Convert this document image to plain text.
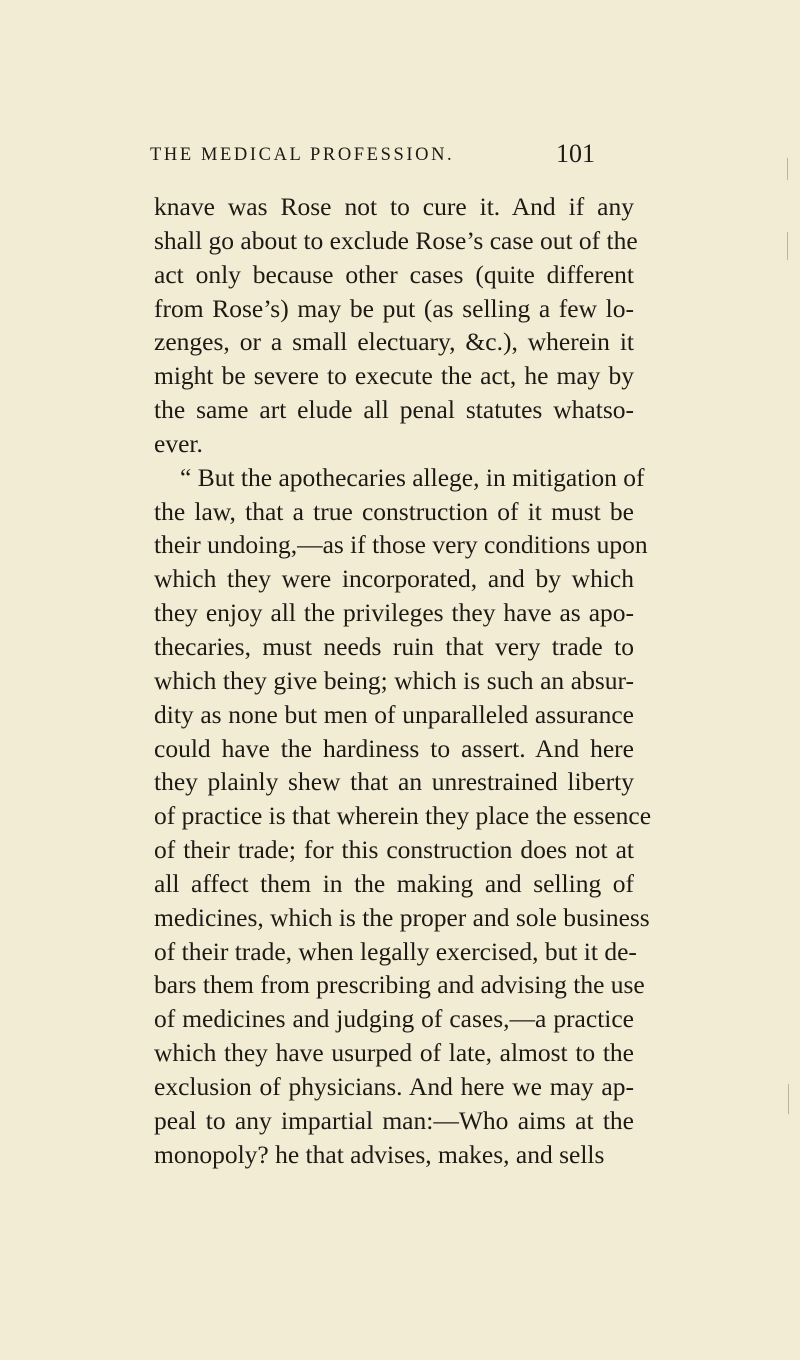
THE MEDICAL PROFESSION.	101
knave was Rose not to cure it. And if any
shall go about to exclude Rose’s case out of the
act only because other cases (quite different
from Rose’s) may be put (as selling a few lo-
zenges, or a small electuary, &c.), wherein it
might be severe to execute the act, he may by
the same art elude all penal statutes whatso-
ever.
“ But the apothecaries allege, in mitigation of
the law, that a true construction of it must be
their undoing,—as if those very conditions upon
which they were incorporated, and by which
they enjoy all the privileges they have as apo-
thecaries, must needs ruin that very trade to
which they give being; which is such an absur-
dity as none but men of unparalleled assurance
could have the hardiness to assert. And here
they plainly shew that an unrestrained liberty
of practice is that wherein they place the essence
of their trade; for this construction does not at
all affect them in the making and selling of
medicines, which is the proper and sole business
of their trade, when legally exercised, but it de-
bars them from prescribing and advising the use
of medicines and judging of cases,—a practice
which they have usurped of late, almost to the
exclusion of physicians. And here we may ap-
peal to any impartial man:—Who aims at the
monopoly? he that advises, makes, and sells
